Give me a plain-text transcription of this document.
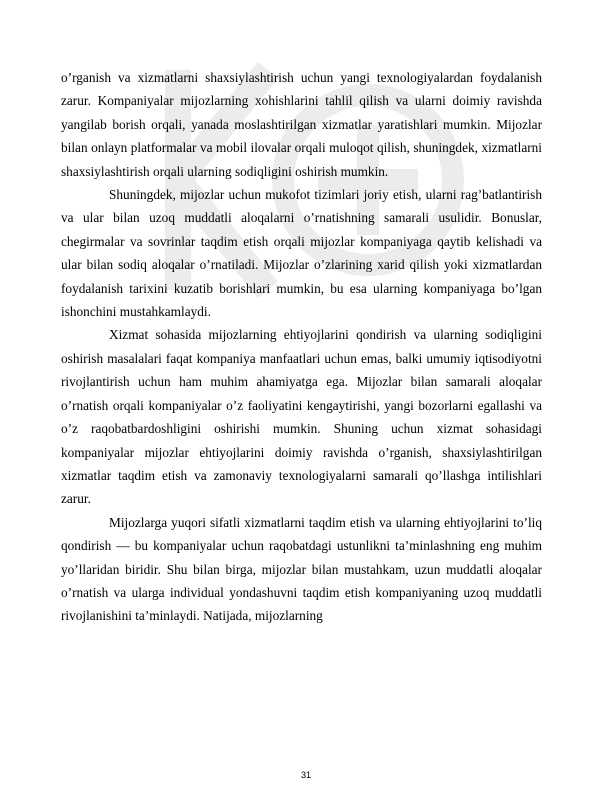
o’rganish va xizmatlarni shaxsiylashtirish uchun yangi texnologiyalardan foydalanish zarur. Kompaniyalar mijozlarning xohishlarini tahlil qilish va ularni doimiy ravishda yangilab borish orqali, yanada moslashtirilgan xizmatlar yaratishlari mumkin. Mijozlar bilan onlayn platformalar va mobil ilovalar orqali muloqot qilish, shuningdek, xizmatlarni shaxsiylashtirish orqali ularning sodiqligini oshirish mumkin.

Shuningdek, mijozlar uchun mukofot tizimlari joriy etish, ularni rag’batlantirish va ular bilan uzoq muddatli aloqalarni o’rnatishning samarali usulidir. Bonuslar, chegirmalar va sovrinlar taqdim etish orqali mijozlar kompaniyaga qaytib kelishadi va ular bilan sodiq aloqalar o’rnatiladi. Mijozlar o’zlarining xarid qilish yoki xizmatlardan foydalanish tarixini kuzatib borishlari mumkin, bu esa ularning kompaniyaga bo’lgan ishonchini mustahkamlaydi.

Xizmat sohasida mijozlarning ehtiyojlarini qondirish va ularning sodiqligini oshirish masalalari faqat kompaniya manfaatlari uchun emas, balki umumiy iqtisodiyotni rivojlantirish uchun ham muhim ahamiyatga ega. Mijozlar bilan samarali aloqalar o’rnatish orqali kompaniyalar o’z faoliyatini kengaytirishi, yangi bozorlarni egallashi va o’z raqobatbardoshligini oshirishi mumkin. Shuning uchun xizmat sohasidagi kompaniyalar mijozlar ehtiyojlarini doimiy ravishda o’rganish, shaxsiylashtirilgan xizmatlar taqdim etish va zamonaviy texnologiyalarni samarali qo’llashga intilishlari zarur.

Mijozlarga yuqori sifatli xizmatlarni taqdim etish va ularning ehtiyojlarini to’liq qondirish — bu kompaniyalar uchun raqobatdagi ustunlikni ta’minlashning eng muhim yo’llaridan biridir. Shu bilan birga, mijozlar bilan mustahkam, uzun muddatli aloqalar o’rnatish va ularga individual yondashuvni taqdim etish kompaniyaning uzoq muddatli rivojlanishini ta’minlaydi. Natijada, mijozlarning

31
